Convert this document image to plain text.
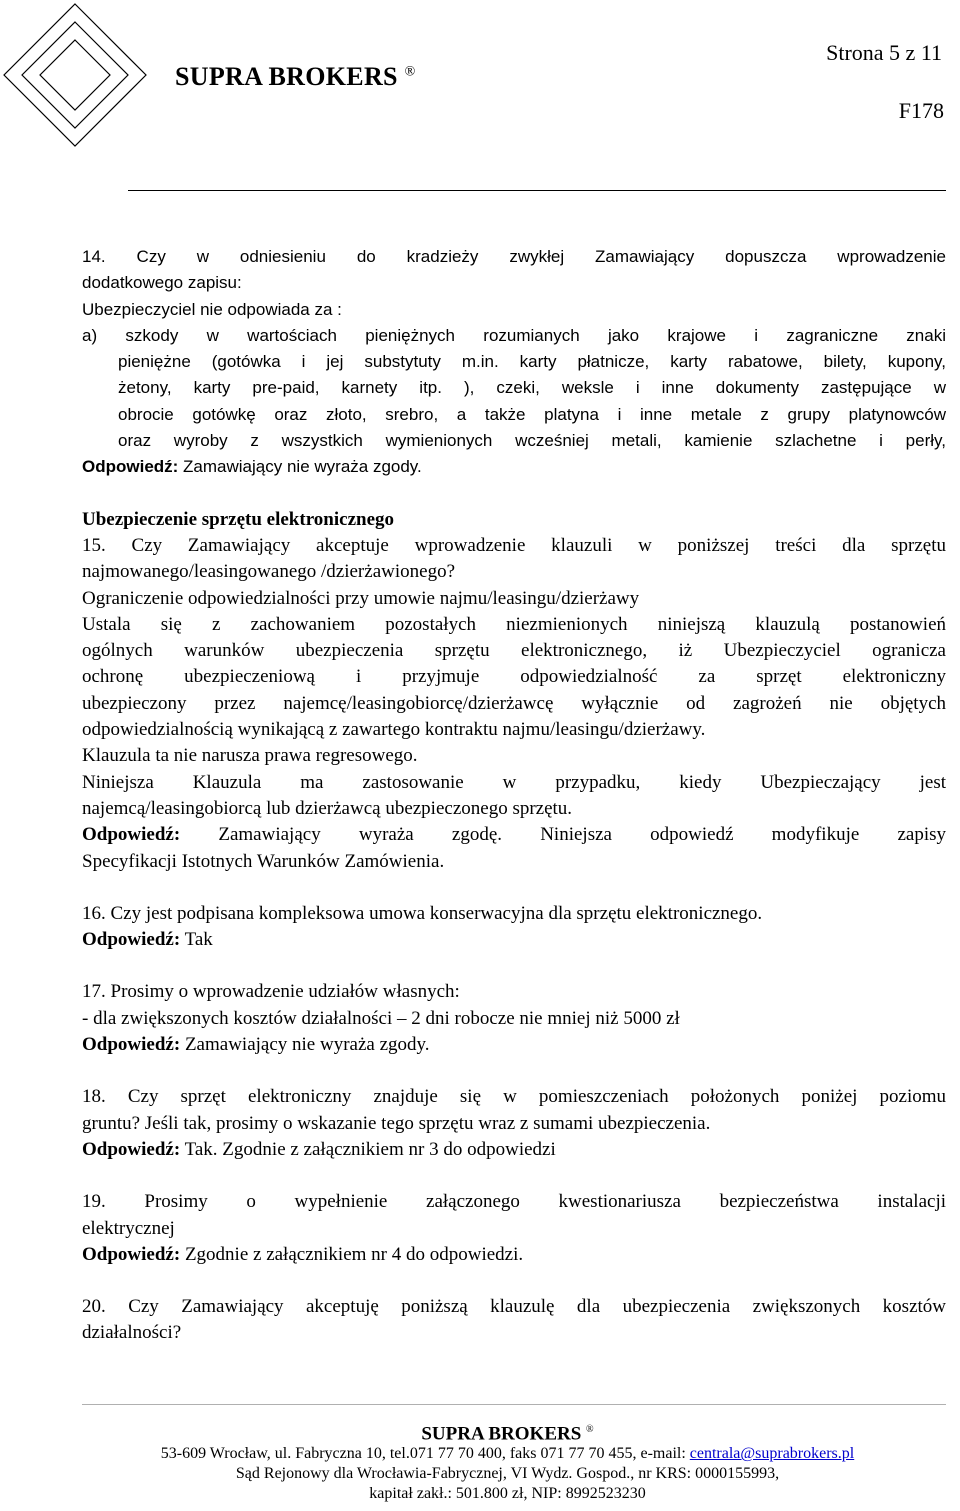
SUPRA BROKERS ®
Strona 5 z 11
F178

14. Czy w odniesieniu do kradzieży zwykłej Zamawiający dopuszcza wprowadzenie

dodatkowego zapisu:

Ubezpieczyciel nie odpowiada za :

a) szkody w wartościach pieniężnych rozumianych jako krajowe i zagraniczne znaki

pieniężne (gotówka i jej substytuty m.in. karty płatnicze, karty rabatowe, bilety, kupony,

żetony, karty pre-paid, karnety itp. ), czeki, weksle i inne dokumenty zastępujące w

obrocie gotówkę oraz złoto, srebro, a także platyna i inne metale z grupy platynowców

oraz wyroby z wszystkich wymienionych wcześniej metali, kamienie szlachetne i perły,

Odpowiedź: Zamawiający nie wyraża zgody.

Ubezpieczenie sprzętu elektronicznego

15. Czy Zamawiający akceptuje wprowadzenie klauzuli w poniższej treści dla sprzętu

najmowanego/leasingowanego /dzierżawionego?

Ograniczenie odpowiedzialności przy umowie najmu/leasingu/dzierżawy

Ustala się z zachowaniem pozostałych niezmienionych niniejszą klauzulą postanowień

ogólnych warunków ubezpieczenia sprzętu elektronicznego, iż Ubezpieczyciel ogranicza

ochronę ubezpieczeniową i przyjmuje odpowiedzialność za sprzęt elektroniczny

ubezpieczony przez najemcę/leasingobiorcę/dzierżawcę wyłącznie od zagrożeń nie objętych

odpowiedzialnością wynikającą z zawartego kontraktu najmu/leasingu/dzierżawy.

Klauzula ta nie narusza prawa regresowego.

Niniejsza Klauzula ma zastosowanie w przypadku, kiedy Ubezpieczający jest

najemcą/leasingobiorcą lub dzierżawcą ubezpieczonego sprzętu.

Odpowiedź: Zamawiający wyraża zgodę. Niniejsza odpowiedź modyfikuje zapisy

Specyfikacji Istotnych Warunków Zamówienia.

16. Czy jest podpisana kompleksowa umowa konserwacyjna dla sprzętu elektronicznego.

Odpowiedź: Tak

17. Prosimy o wprowadzenie udziałów własnych:

- dla zwiększonych kosztów działalności – 2 dni robocze nie mniej niż 5000 zł

Odpowiedź: Zamawiający nie wyraża zgody.

18. Czy sprzęt elektroniczny znajduje się w pomieszczeniach położonych poniżej poziomu

gruntu? Jeśli tak, prosimy o wskazanie tego sprzętu wraz z sumami ubezpieczenia.

Odpowiedź: Tak. Zgodnie z załącznikiem nr 3 do odpowiedzi

19. Prosimy o wypełnienie załączonego kwestionariusza bezpieczeństwa instalacji

elektrycznej

Odpowiedź: Zgodnie z załącznikiem nr 4 do odpowiedzi.

20. Czy Zamawiający akceptuję poniższą klauzulę dla ubezpieczenia zwiększonych kosztów

działalności?

SUPRA BROKERS ®
53-609 Wrocław, ul. Fabryczna 10, tel.071 77 70 400, faks 071 77 70 455, e-mail: centrala@suprabrokers.pl
Sąd Rejonowy dla Wrocławia-Fabrycznej, VI Wydz. Gospod., nr KRS: 0000155993,
kapitał zakł.: 501.800 zł, NIP: 8992523230
